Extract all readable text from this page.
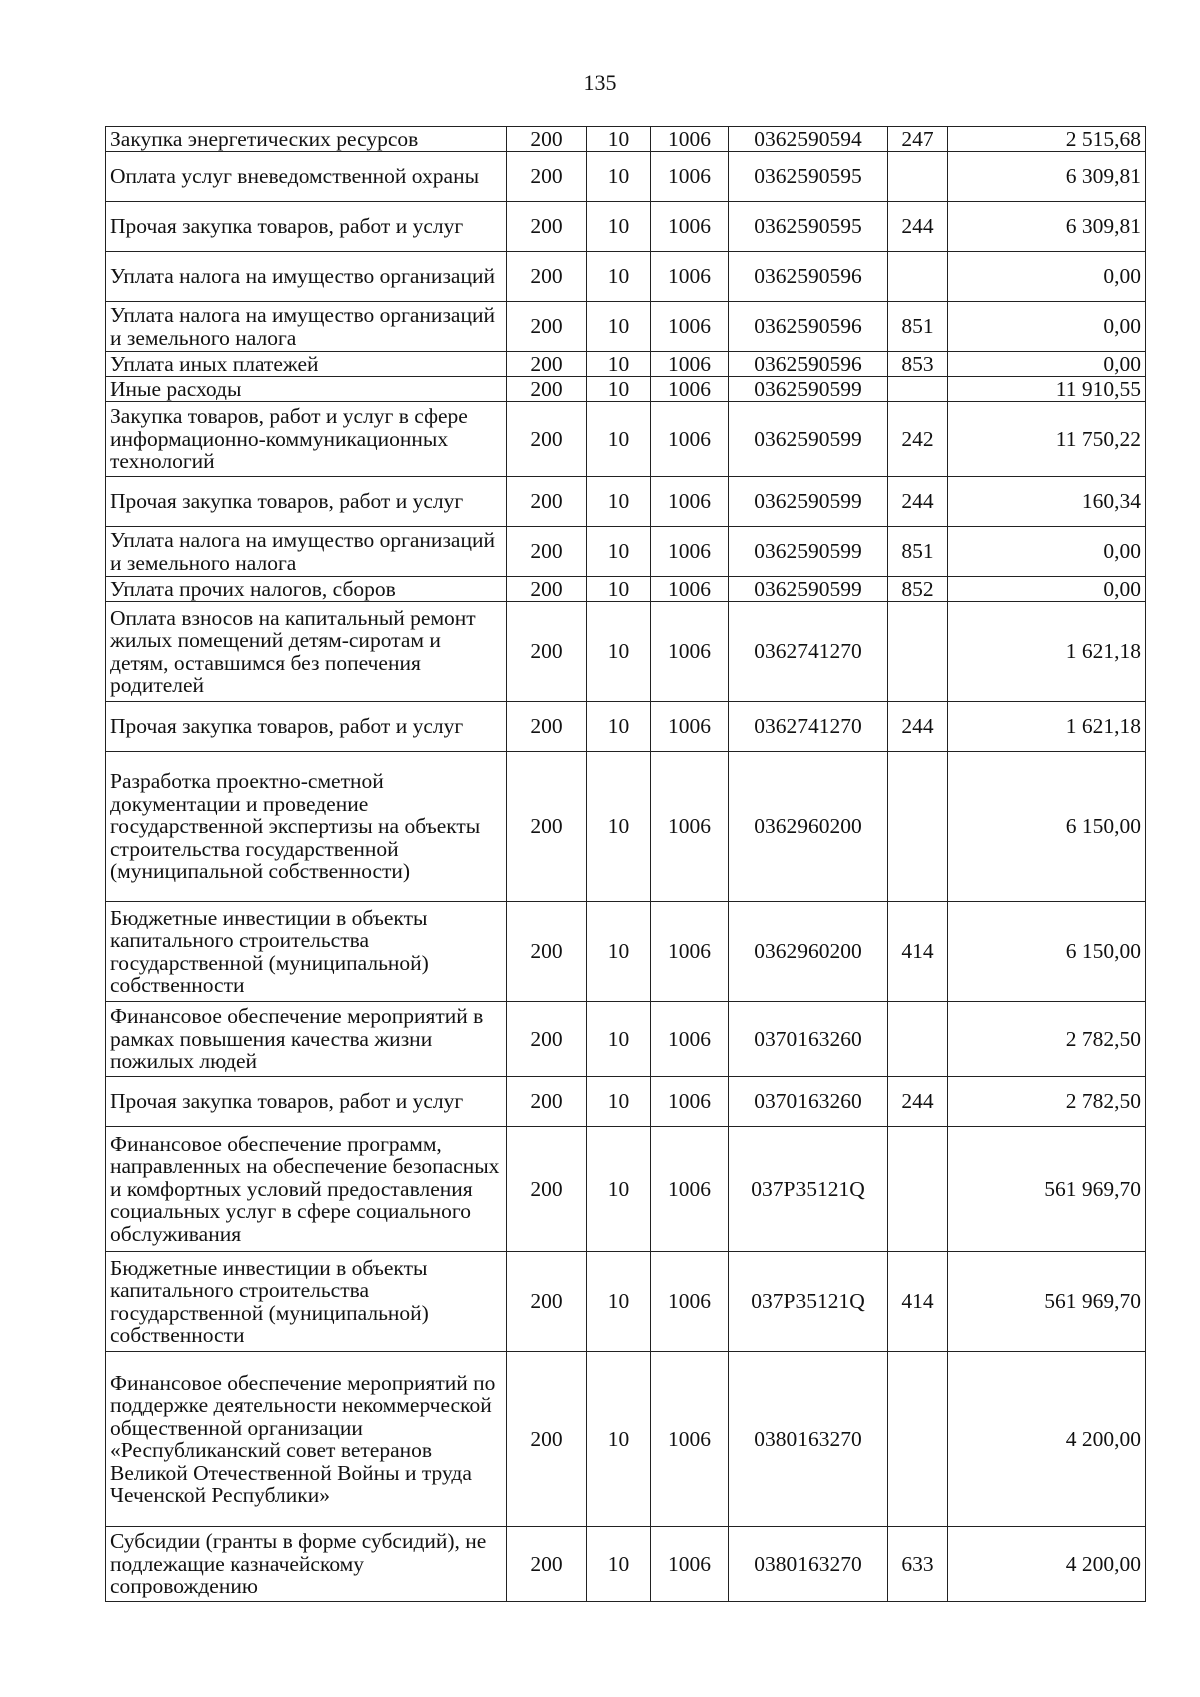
135
Закупка энергетических ресурсов	200	10	1006	0362590594	247	2 515,68
Оплата услуг вневедомственной охраны	200	10	1006	0362590595		6 309,81
Прочая закупка товаров, работ и услуг	200	10	1006	0362590595	244	6 309,81
Уплата налога на имущество организаций	200	10	1006	0362590596		0,00
Уплата налога на имущество организаций и земельного налога	200	10	1006	0362590596	851	0,00
Уплата иных платежей	200	10	1006	0362590596	853	0,00
Иные расходы	200	10	1006	0362590599		11 910,55
Закупка товаров, работ и услуг в сфере информационно-коммуникационных технологий	200	10	1006	0362590599	242	11 750,22
Прочая закупка товаров, работ и услуг	200	10	1006	0362590599	244	160,34
Уплата налога на имущество организаций и земельного налога	200	10	1006	0362590599	851	0,00
Уплата прочих налогов, сборов	200	10	1006	0362590599	852	0,00
Оплата взносов на капитальный ремонт жилых помещений детям-сиротам и детям, оставшимся без попечения родителей	200	10	1006	0362741270		1 621,18
Прочая закупка товаров, работ и услуг	200	10	1006	0362741270	244	1 621,18
Разработка проектно-сметной документации и проведение государственной экспертизы на объекты строительства государственной (муниципальной собственности)	200	10	1006	0362960200		6 150,00
Бюджетные инвестиции в объекты капитального строительства государственной (муниципальной) собственности	200	10	1006	0362960200	414	6 150,00
Финансовое обеспечение мероприятий в рамках повышения качества жизни пожилых людей	200	10	1006	0370163260		2 782,50
Прочая закупка товаров, работ и услуг	200	10	1006	0370163260	244	2 782,50
Финансовое обеспечение программ, направленных на обеспечение безопасных и комфортных условий предоставления социальных услуг в сфере социального обслуживания	200	10	1006	037P35121Q		561 969,70
Бюджетные инвестиции в объекты капитального строительства государственной (муниципальной) собственности	200	10	1006	037P35121Q	414	561 969,70
Финансовое обеспечение мероприятий по поддержке деятельности некоммерческой общественной организации «Республиканский совет ветеранов Великой Отечественной Войны и труда Чеченской Республики»	200	10	1006	0380163270		4 200,00
Субсидии (гранты в форме субсидий), не подлежащие казначейскому сопровождению	200	10	1006	0380163270	633	4 200,00
